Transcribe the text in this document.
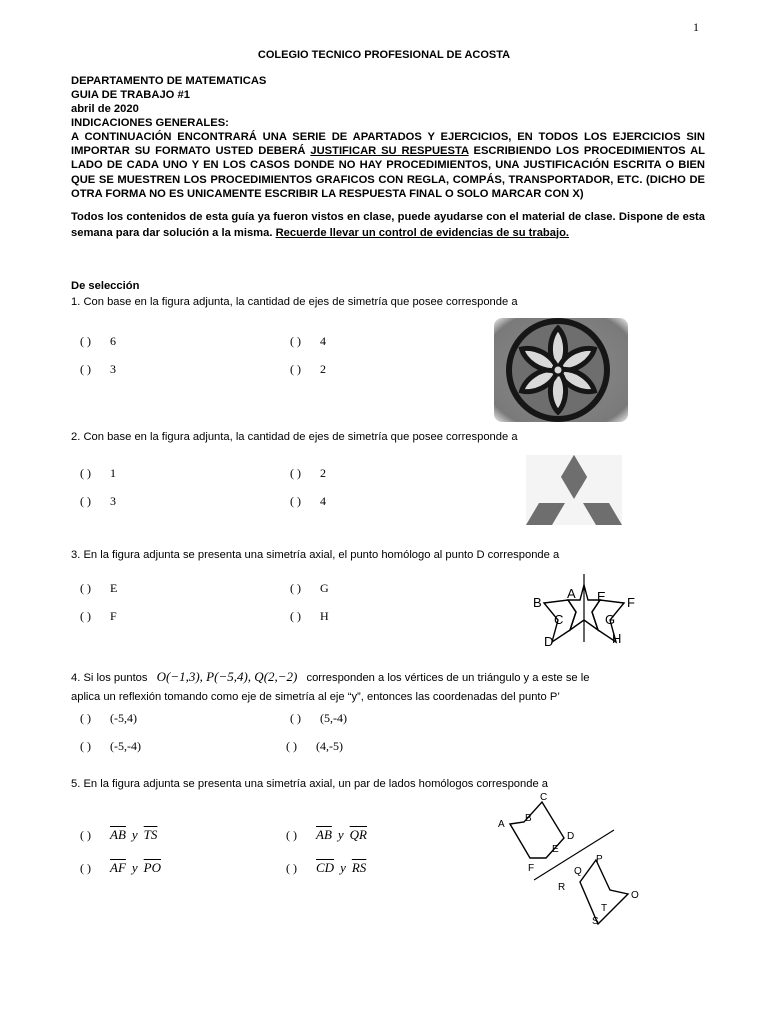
1
COLEGIO TECNICO PROFESIONAL DE ACOSTA
DEPARTAMENTO DE MATEMATICAS
GUIA DE TRABAJO #1
abril de 2020
INDICACIONES GENERALES:
A CONTINUACIÓN ENCONTRARÁ UNA SERIE DE APARTADOS Y EJERCICIOS, EN TODOS LOS EJERCICIOS SIN IMPORTAR SU FORMATO USTED DEBERÁ JUSTIFICAR SU RESPUESTA ESCRIBIENDO LOS PROCEDIMIENTOS AL LADO DE CADA UNO Y EN LOS CASOS DONDE NO HAY PROCEDIMIENTOS, UNA JUSTIFICACIÓN ESCRITA O BIEN QUE SE MUESTREN LOS PROCEDIMIENTOS GRAFICOS CON REGLA, COMPÁS, TRANSPORTADOR, ETC. (DICHO DE OTRA FORMA NO ES UNICAMENTE ESCRIBIR LA RESPUESTA FINAL O SOLO MARCAR CON X)
Todos los contenidos de esta guía ya fueron vistos en clase, puede ayudarse con el material de clase. Dispone de esta semana para dar solución a la misma. Recuerde llevar un control de evidencias de su trabajo.
De selección
1. Con base en la figura adjunta, la cantidad de ejes de simetría que posee corresponde a
( ) 6	( ) 4
( ) 3	( ) 2
2. Con base en la figura adjunta, la cantidad de ejes de simetría que posee corresponde a
( ) 1	( ) 2
( ) 3	( ) 4
3. En la figura adjunta se presenta una simetría axial, el punto homólogo al punto D corresponde a
( ) E	( ) G
( ) F	( ) H
A E
B	F
C	G
D	H
4. Si los puntos O(−1,3), P(−5,4), Q(2,−2) corresponden a los vértices de un triángulo y a este se le
aplica un reflexión tomando como eje de simetría al eje “y”, entonces las coordenadas del punto P’
( ) (-5,4)	( ) (5,-4)
( ) (-5,-4)	( ) (4,-5)
5. En la figura adjunta se presenta una simetría axial, un par de lados homólogos corresponde a
( ) $\overline{AB}$ y $\overline{TS}$	( ) $\overline{AB}$ y $\overline{QR}$
( ) $\overline{AF}$ y $\overline{PO}$	( ) $\overline{CD}$ y $\overline{RS}$
C
A
B
D
E
F
P
Q
R
T
O
S
